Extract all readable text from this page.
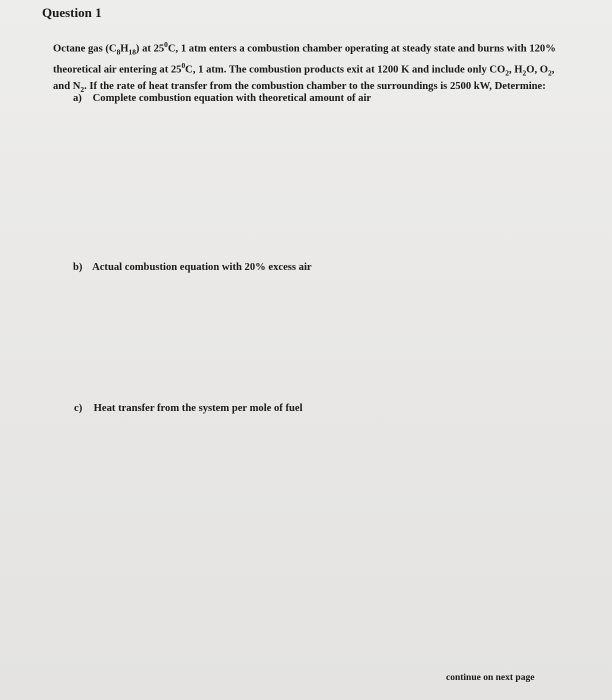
Question 1

Octane gas $(C_8H_{18})$ at $25^0C$, 1 atm enters a combustion chamber operating at steady state and burns with 120%

theoretical air entering at $25^0C$, 1 atm. The combustion products exit at 1200 K and include only $CO_2$, $H_2O$, $O_2$,

and $N_2$. If the rate of heat transfer from the combustion chamber to the surroundings is 2500 kW, Determine:

a) Complete combustion equation with theoretical amount of air
b) Actual combustion equation with 20% excess air
c) Heat transfer from the system per mole of fuel
continue on next page
